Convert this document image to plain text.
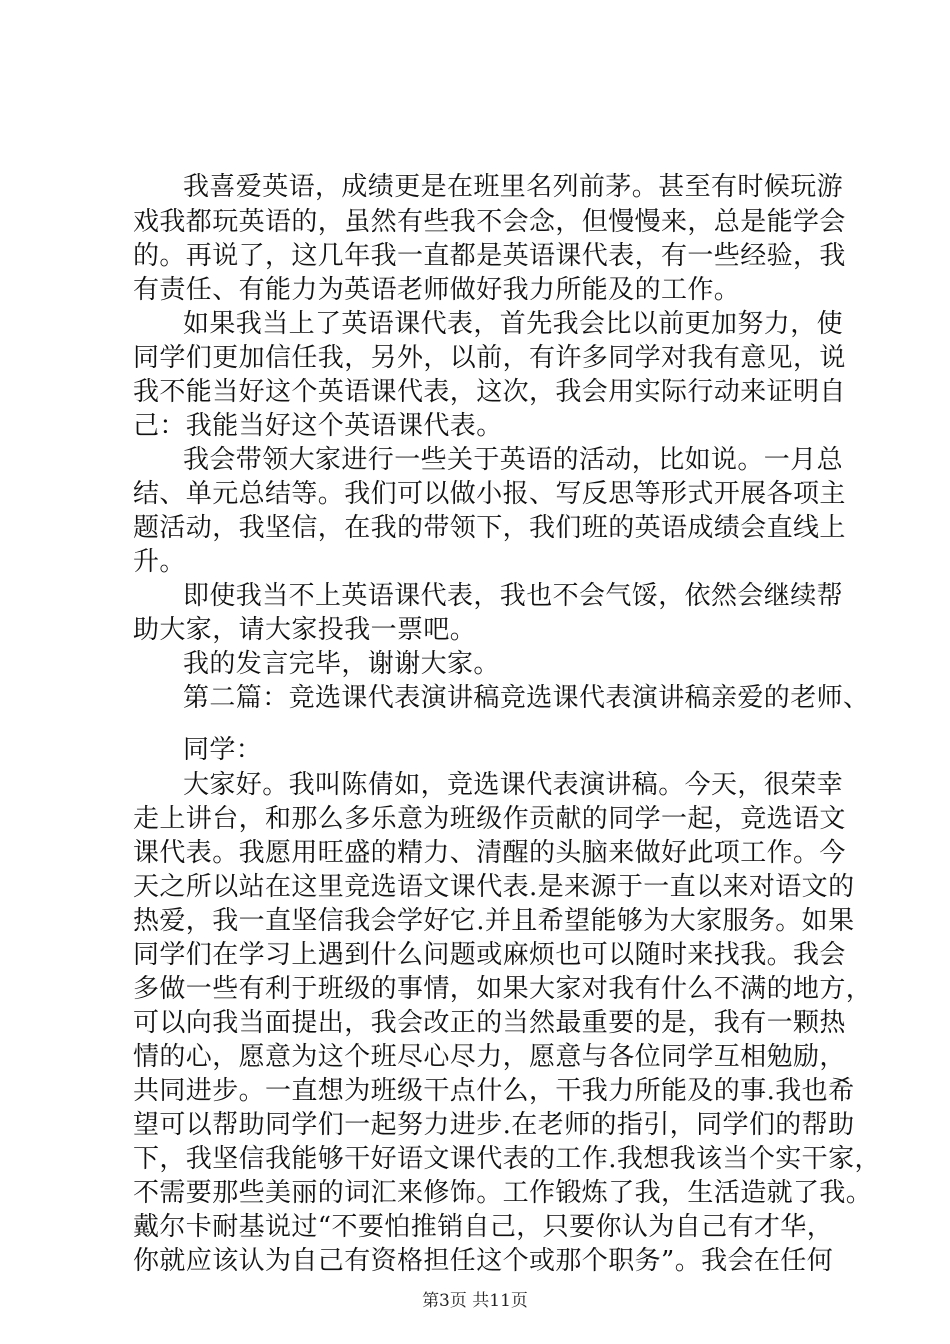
我喜爱英语，成绩更是在班里名列前茅。甚至有时候玩游
戏我都玩英语的，虽然有些我不会念，但慢慢来，总是能学会
的。再说了，这几年我一直都是英语课代表，有一些经验，我
有责任、有能力为英语老师做好我力所能及的工作。
如果我当上了英语课代表，首先我会比以前更加努力，使
同学们更加信任我，另外，以前，有许多同学对我有意见，说
我不能当好这个英语课代表，这次，我会用实际行动来证明自
己：我能当好这个英语课代表。
我会带领大家进行一些关于英语的活动，比如说。一月总
结、单元总结等。我们可以做小报、写反思等形式开展各项主
题活动，我坚信，在我的带领下，我们班的英语成绩会直线上
升。
即使我当不上英语课代表，我也不会气馁，依然会继续帮
助大家，请大家投我一票吧。
我的发言完毕，谢谢大家。
第二篇：竞选课代表演讲稿竞选课代表演讲稿亲爱的老师、
同学：
大家好。我叫陈倩如，竞选课代表演讲稿。今天，很荣幸
走上讲台，和那么多乐意为班级作贡献的同学一起，竞选语文
课代表。我愿用旺盛的精力、清醒的头脑来做好此项工作。今
天之所以站在这里竞选语文课代表.是来源于一直以来对语文的
热爱，我一直坚信我会学好它.并且希望能够为大家服务。如果
同学们在学习上遇到什么问题或麻烦也可以随时来找我。我会
多做一些有利于班级的事情，如果大家对我有什么不满的地方，
可以向我当面提出，我会改正的当然最重要的是，我有一颗热
情的心，愿意为这个班尽心尽力，愿意与各位同学互相勉励，
共同进步。一直想为班级干点什么，干我力所能及的事.我也希
望可以帮助同学们一起努力进步.在老师的指引，同学们的帮助
下，我坚信我能够干好语文课代表的工作.我想我该当个实干家，
不需要那些美丽的词汇来修饰。工作锻炼了我，生活造就了我。
戴尔卡耐基说过“不要怕推销自己，只要你认为自己有才华，
你就应该认为自己有资格担任这个或那个职务”。我会在任何
第3页 共11页
